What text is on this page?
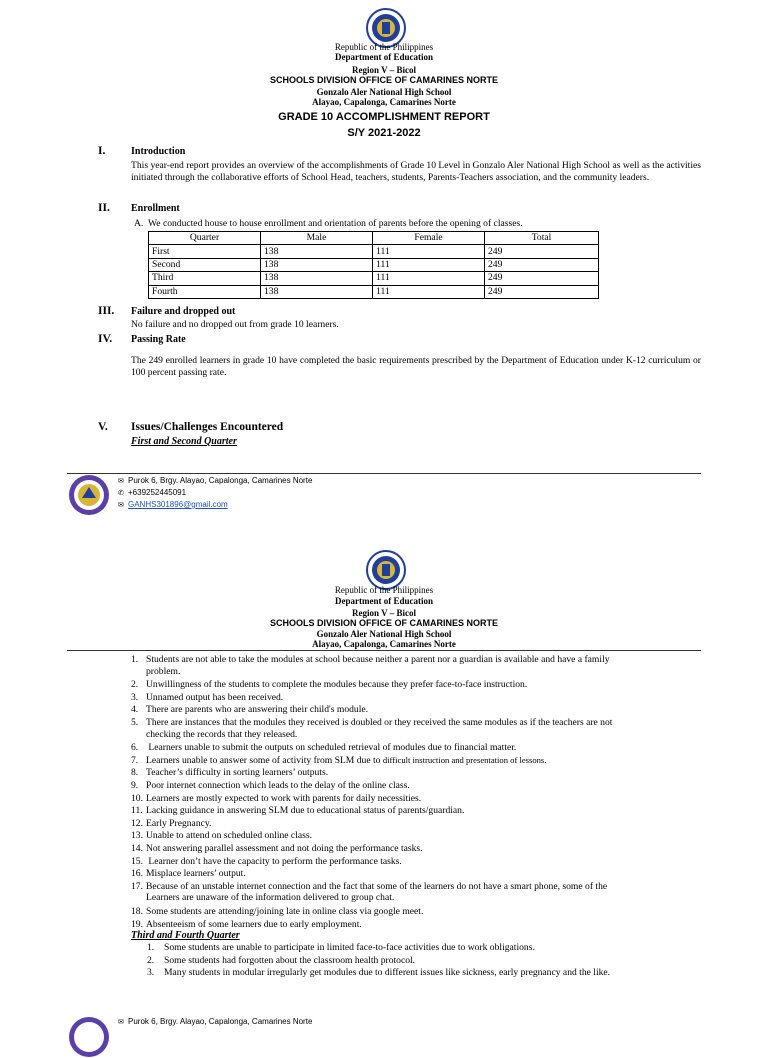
Republic of the Philippines
Department of Education
Region V – Bicol
SCHOOLS DIVISION OFFICE OF CAMARINES NORTE
Gonzalo Aler National High School
Alayao, Capalonga, Camarines Norte
GRADE 10 ACCOMPLISHMENT REPORT
S/Y 2021-2022
I.	Introduction
This year-end report provides an overview of the accomplishments of Grade 10 Level in Gonzalo Aler National High School as well as the activities initiated through the collaborative efforts of School Head, teachers, students, Parents-Teachers association, and the community leaders.
II. Enrollment
A. We conducted house to house enrollment and orientation of parents before the opening of classes.
Quarter	Male	Female	Total
First	138	111	249
Second	138	111	249
Third	138	111	249
Fourth	138	111	249
III. Failure and dropped out
No failure and no dropped out from grade 10 learners.
IV. Passing Rate
The 249 enrolled learners in grade 10 have completed the basic requirements prescribed by the Department of Education under K-12 curriculum or 100 percent passing rate.
V. Issues/Challenges Encountered
First and Second Quarter
✉ Purok 6, Brgy. Alayao, Capalonga, Camarines Norte
✆ +639252445091
✉ GANHS301896@gmail.com
Republic of the Philippines
Department of Education
Region V – Bicol
SCHOOLS DIVISION OFFICE OF CAMARINES NORTE
Gonzalo Aler National High School
Alayao, Capalonga, Camarines Norte
1. Students are not able to take the modules at school because neither a parent nor a guardian is available and have a family
problem.
2. Unwillingness of the students to complete the modules because they prefer face-to-face instruction.
3. Unnamed output has been received.
4. There are parents who are answering their child's module.
5. There are instances that the modules they received is doubled or they received the same modules as if the teachers are not
checking the records that they released.
6. Learners unable to submit the outputs on scheduled retrieval of modules due to financial matter.
7. Learners unable to answer some of activity from SLM due to difficult instruction and presentation of lessons.
8. Teacher’s difficulty in sorting learners’ outputs.
9. Poor internet connection which leads to the delay of the online class.
10. Learners are mostly expected to work with parents for daily necessities.
11. Lacking guidance in answering SLM due to educational status of parents/guardian.
12. Early Pregnancy.
13. Unable to attend on scheduled online class.
14. Not answering parallel assessment and not doing the performance tasks.
15. Learner don’t have the capacity to perform the performance tasks.
16. Misplace learners’ output.
17. Because of an unstable internet connection and the fact that some of the learners do not have a smart phone, some of the
Learners are unaware of the information delivered to group chat.
18. Some students are attending/joining late in online class via google meet.
19. Absenteeism of some learners due to early employment.
Third and Fourth Quarter
1. Some students are unable to participate in limited face-to-face activities due to work obligations.
2. Some students had forgotten about the classroom health protocol.
3. Many students in modular irregularly get modules due to different issues like sickness, early pregnancy and the like.
✉ Purok 6, Brgy. Alayao, Capalonga, Camarines Norte
